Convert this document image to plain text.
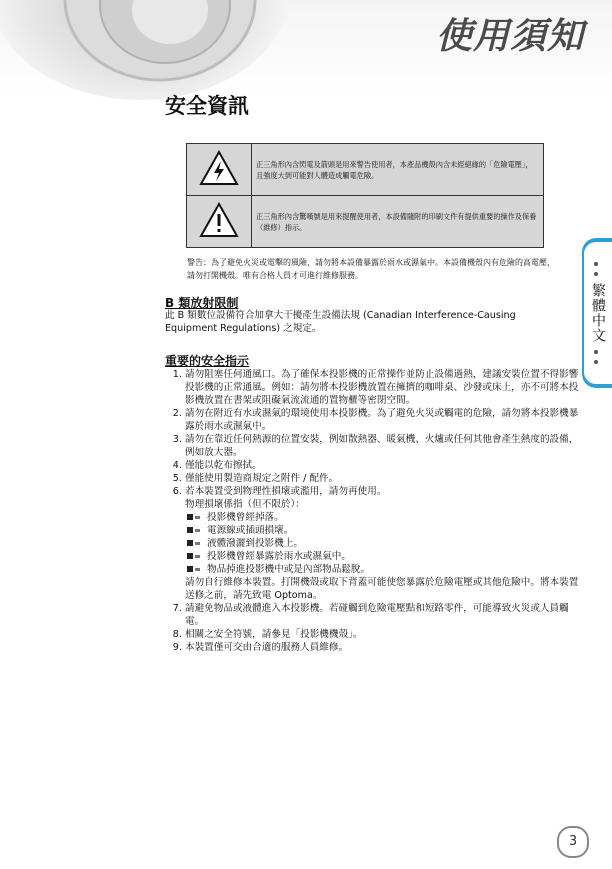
使用須知
安全資訊
	正三角形內含閃電及箭頭是用來警告使用者，本產品機殼內含未經絕緣的「危險電壓」，且強度大到可能對人體造成觸電危險。
	正三角形內含驚嘆號是用來提醒使用者，本設備隨附的印刷文件有提供重要的操作及保養（維修）指示。
警告：為了避免火災或電擊的風險，請勿將本設備暴露於雨水或濕氣中。本設備機殼內有危險的高電壓，請勿打開機殼。唯有合格人員才可進行維修服務。
B 類放射限制
此 B 類數位設備符合加拿大干擾產生設備法規 (Canadian Interference-Causing Equipment Regulations) 之規定。
重要的安全指示
1. 請勿阻塞任何通風口。為了確保本投影機的正常操作並防止設備過熱，建議安裝位置不得影響投影機的正常通風。例如：請勿將本投影機放置在擁擠的咖啡桌、沙發或床上，亦不可將本投影機放置在書架或阻礙氣流流通的置物櫃等密閉空間。
2. 請勿在附近有水或濕氣的環境使用本投影機。為了避免火災或觸電的危險，請勿將本投影機暴露於雨水或濕氣中。
3. 請勿在靠近任何熱源的位置安裝，例如散熱器、暖氣機、火爐或任何其他會產生熱度的設備，例如放大器。
4. 僅能以乾布擦拭。
5. 僅能使用製造商規定之附件 / 配件。
6. 若本裝置受到物理性損壞或濫用，請勿再使用。
物理損壞係指（但不限於）：
投影機曾經掉落。
電源線或插頭損壞。
液體潑灑到投影機上。
投影機曾經暴露於雨水或濕氣中。
物品掉進投影機中或是內部物品鬆脫。
請勿自行維修本裝置。打開機殼或取下背蓋可能使您暴露於危險電壓或其他危險中。將本裝置送修之前，請先致電 Optoma。
7. 請避免物品或液體進入本投影機。若碰觸到危險電壓點和短路零件，可能導致火災或人員觸電。
8. 相關之安全符號，請參見「投影機機殼」。
9. 本裝置僅可交由合適的服務人員維修。
繁體中文
3
